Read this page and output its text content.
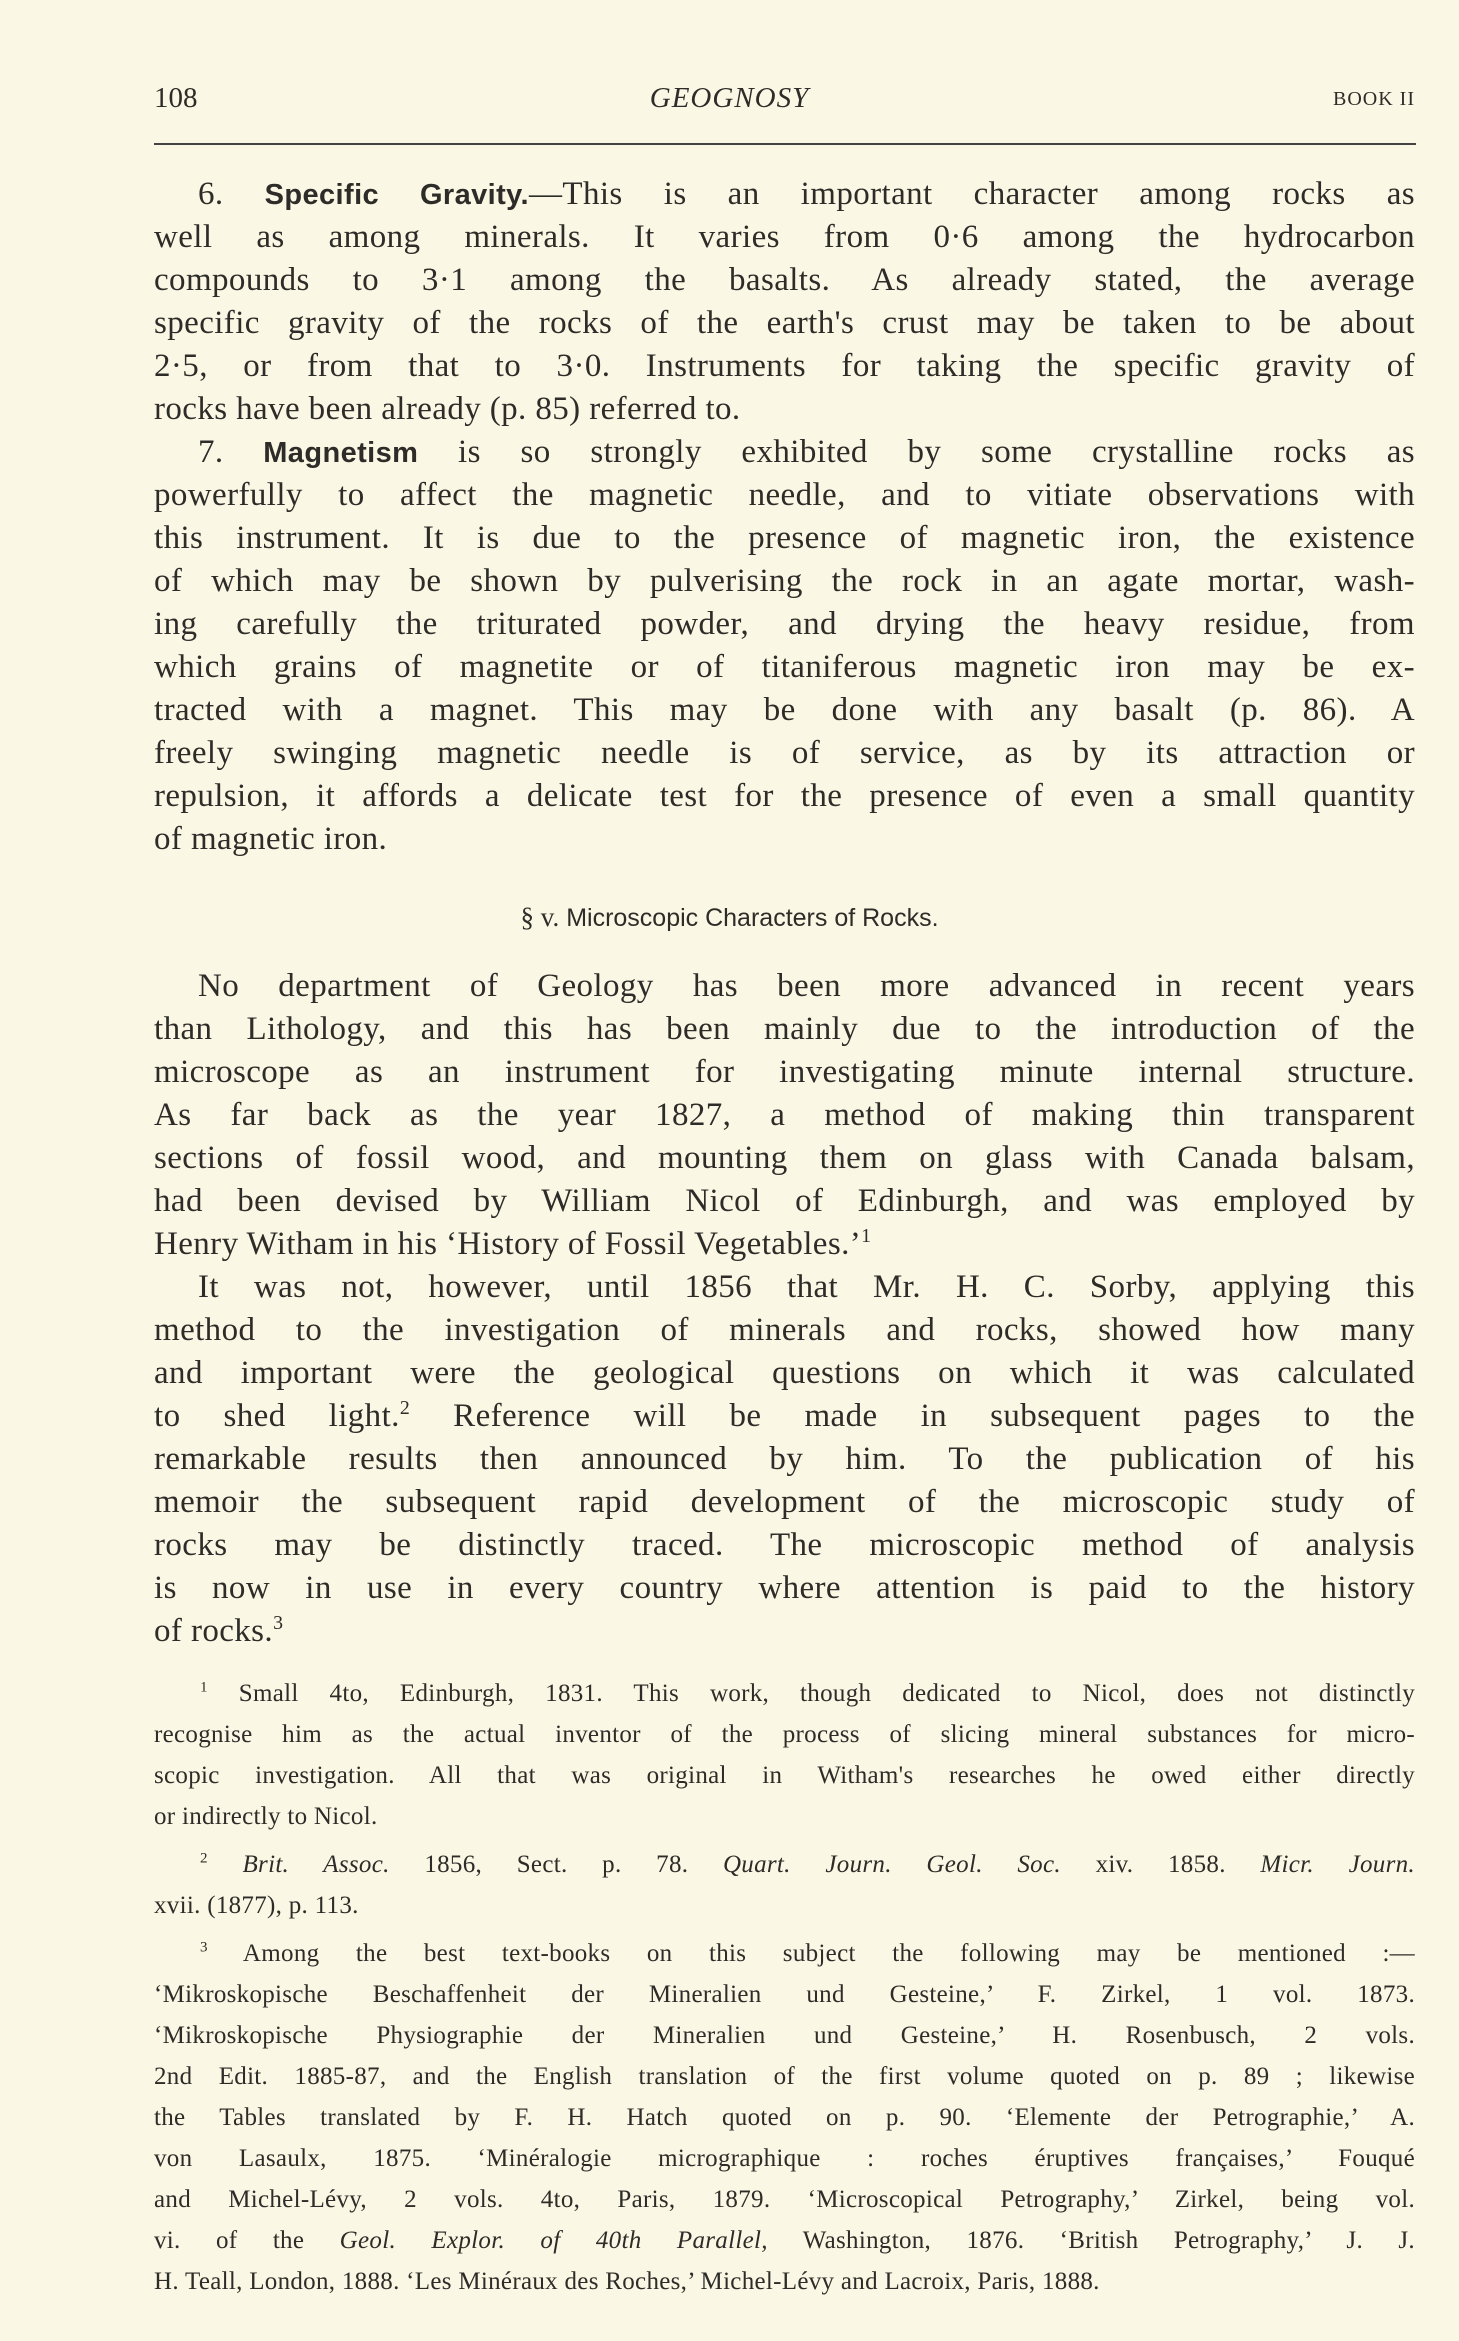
108	GEOGNOSY	BOOK II
6. Specific Gravity.—This is an important character among rocks as
well as among minerals. It varies from 0·6 among the hydrocarbon
compounds to 3·1 among the basalts. As already stated, the average
specific gravity of the rocks of the earth's crust may be taken to be about
2·5, or from that to 3·0. Instruments for taking the specific gravity of
rocks have been already (p. 85) referred to.
7. Magnetism is so strongly exhibited by some crystalline rocks as
powerfully to affect the magnetic needle, and to vitiate observations with
this instrument. It is due to the presence of magnetic iron, the existence
of which may be shown by pulverising the rock in an agate mortar, wash-
ing carefully the triturated powder, and drying the heavy residue, from
which grains of magnetite or of titaniferous magnetic iron may be ex-
tracted with a magnet. This may be done with any basalt (p. 86). A
freely swinging magnetic needle is of service, as by its attraction or
repulsion, it affords a delicate test for the presence of even a small quantity
of magnetic iron.
§ v. Microscopic Characters of Rocks.
No department of Geology has been more advanced in recent years
than Lithology, and this has been mainly due to the introduction of the
microscope as an instrument for investigating minute internal structure.
As far back as the year 1827, a method of making thin transparent
sections of fossil wood, and mounting them on glass with Canada balsam,
had been devised by William Nicol of Edinburgh, and was employed by
Henry Witham in his ‘History of Fossil Vegetables.’$^1$
It was not, however, until 1856 that Mr. H. C. Sorby, applying this
method to the investigation of minerals and rocks, showed how many
and important were the geological questions on which it was calculated
to shed light.$^2$ Reference will be made in subsequent pages to the
remarkable results then announced by him. To the publication of his
memoir the subsequent rapid development of the microscopic study of
rocks may be distinctly traced. The microscopic method of analysis
is now in use in every country where attention is paid to the history
of rocks.$^3$
$^1$ Small 4to, Edinburgh, 1831. This work, though dedicated to Nicol, does not distinctly
recognise him as the actual inventor of the process of slicing mineral substances for micro-
scopic investigation. All that was original in Witham's researches he owed either directly
or indirectly to Nicol.
$^2$ Brit. Assoc. 1856, Sect. p. 78. Quart. Journ. Geol. Soc. xiv. 1858. Micr. Journ.
xvii. (1877), p. 113.
$^3$ Among the best text-books on this subject the following may be mentioned :—
‘Mikroskopische Beschaffenheit der Mineralien und Gesteine,’ F. Zirkel, 1 vol. 1873.
‘Mikroskopische Physiographie der Mineralien und Gesteine,’ H. Rosenbusch, 2 vols.
2nd Edit. 1885-87, and the English translation of the first volume quoted on p. 89 ; likewise
the Tables translated by F. H. Hatch quoted on p. 90. ‘Elemente der Petrographie,’ A.
von Lasaulx, 1875. ‘Minéralogie micrographique : roches éruptives françaises,’ Fouqué
and Michel-Lévy, 2 vols. 4to, Paris, 1879. ‘Microscopical Petrography,’ Zirkel, being vol.
vi. of the Geol. Explor. of 40th Parallel, Washington, 1876. ‘British Petrography,’ J. J.
H. Teall, London, 1888. ‘Les Minéraux des Roches,’ Michel-Lévy and Lacroix, Paris, 1888.
